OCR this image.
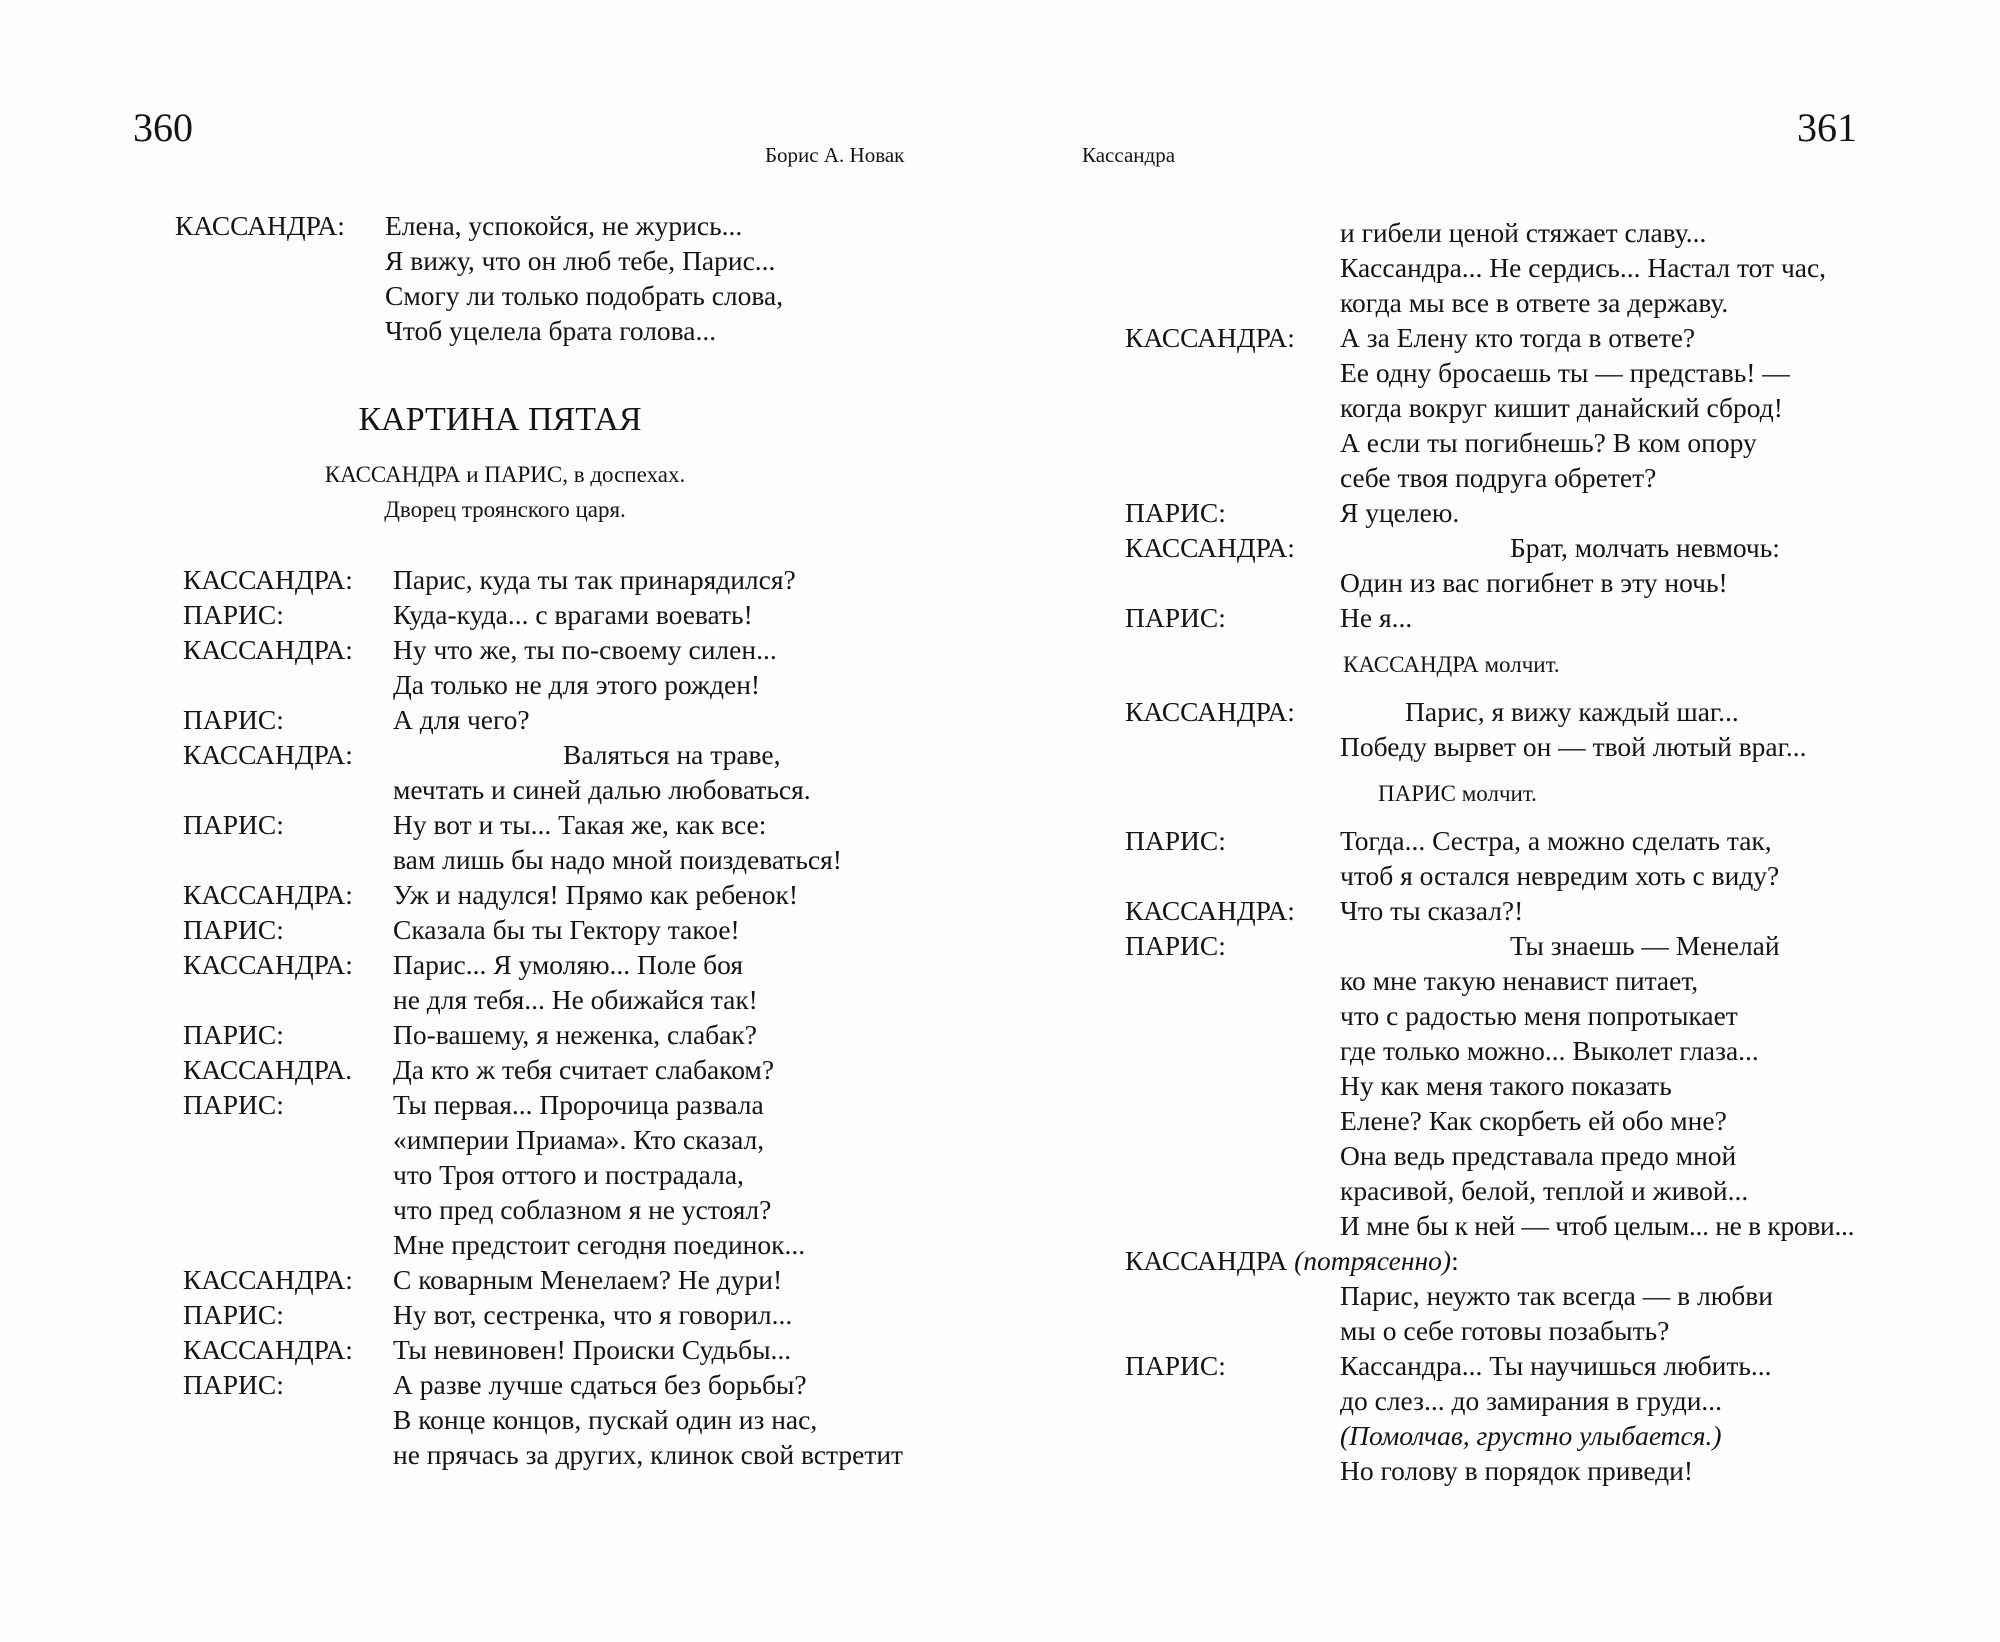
360
Борис А. Новак	Кассандра
361
КАССАНДРА:	Елена, успокойся, не журись...
Я вижу, что он люб тебе, Парис...
Смогу ли только подобрать слова,
Чтоб уцелела брата голова...
КАРТИНА ПЯТАЯ
КАССАНДРА и ПАРИС, в доспехах.
Дворец троянского царя.
КАССАНДРА:	Парис, куда ты так принарядился?
ПАРИС:	Куда-куда... с врагами воевать!
КАССАНДРА:	Ну что же, ты по-своему силен...
Да только не для этого рожден!
ПАРИС:	А для чего?
КАССАНДРА:	Валяться на траве,
мечтать и синей далью любоваться.
ПАРИС:	Ну вот и ты... Такая же, как все:
вам лишь бы надо мной поиздеваться!
КАССАНДРА:	Уж и надулся! Прямо как ребенок!
ПАРИС:	Сказала бы ты Гектору такое!
КАССАНДРА:	Парис... Я умоляю... Поле боя
не для тебя... Не обижайся так!
ПАРИС:	По-вашему, я неженка, слабак?
КАССАНДРА.	Да кто ж тебя считает слабаком?
ПАРИС:	Ты первая... Пророчица развала
«империи Приама». Кто сказал,
что Троя оттого и пострадала,
что пред соблазном я не устоял?
Мне предстоит сегодня поединок...
КАССАНДРА:	С коварным Менелаем? Не дури!
ПАРИС:	Ну вот, сестренка, что я говорил...
КАССАНДРА:	Ты невиновен! Происки Судьбы...
ПАРИС:	А разве лучше сдаться без борьбы?
В конце концов, пускай один из нас,
не прячась за других, клинок свой встретит
и гибели ценой стяжает славу...
Кассандра... Не сердись... Настал тот час,
когда мы все в ответе за державу.
КАССАНДРА:	А за Елену кто тогда в ответе?
Ее одну бросаешь ты — представь! —
когда вокруг кишит данайский сброд!
А если ты погибнешь? В ком опору
себе твоя подруга обретет?
ПАРИС:	Я уцелею.
КАССАНДРА:	Брат, молчать невмочь:
Один из вас погибнет в эту ночь!
ПАРИС:	Не я...
КАССАНДРА молчит.
КАССАНДРА:	Парис, я вижу каждый шаг...
Победу вырвет он — твой лютый враг...
ПАРИС молчит.
ПАРИС:	Тогда... Сестра, а можно сделать так,
чтоб я остался невредим хоть с виду?
КАССАНДРА:	Что ты сказал?!
ПАРИС:	Ты знаешь — Менелай
ко мне такую ненавист питает,
что с радостью меня попротыкает
где только можно... Выколет глаза...
Ну как меня такого показать
Елене? Как скорбеть ей обо мне?
Она ведь представала предо мной
красивой, белой, теплой и живой...
И мне бы к ней — чтоб целым... не в крови...
КАССАНДРА (потрясенно):
Парис, неужто так всегда — в любви
мы о себе готовы позабыть?
ПАРИС:	Кассандра... Ты научишься любить...
до слез... до замирания в груди...
(Помолчав, грустно улыбается.)
Но голову в порядок приведи!
